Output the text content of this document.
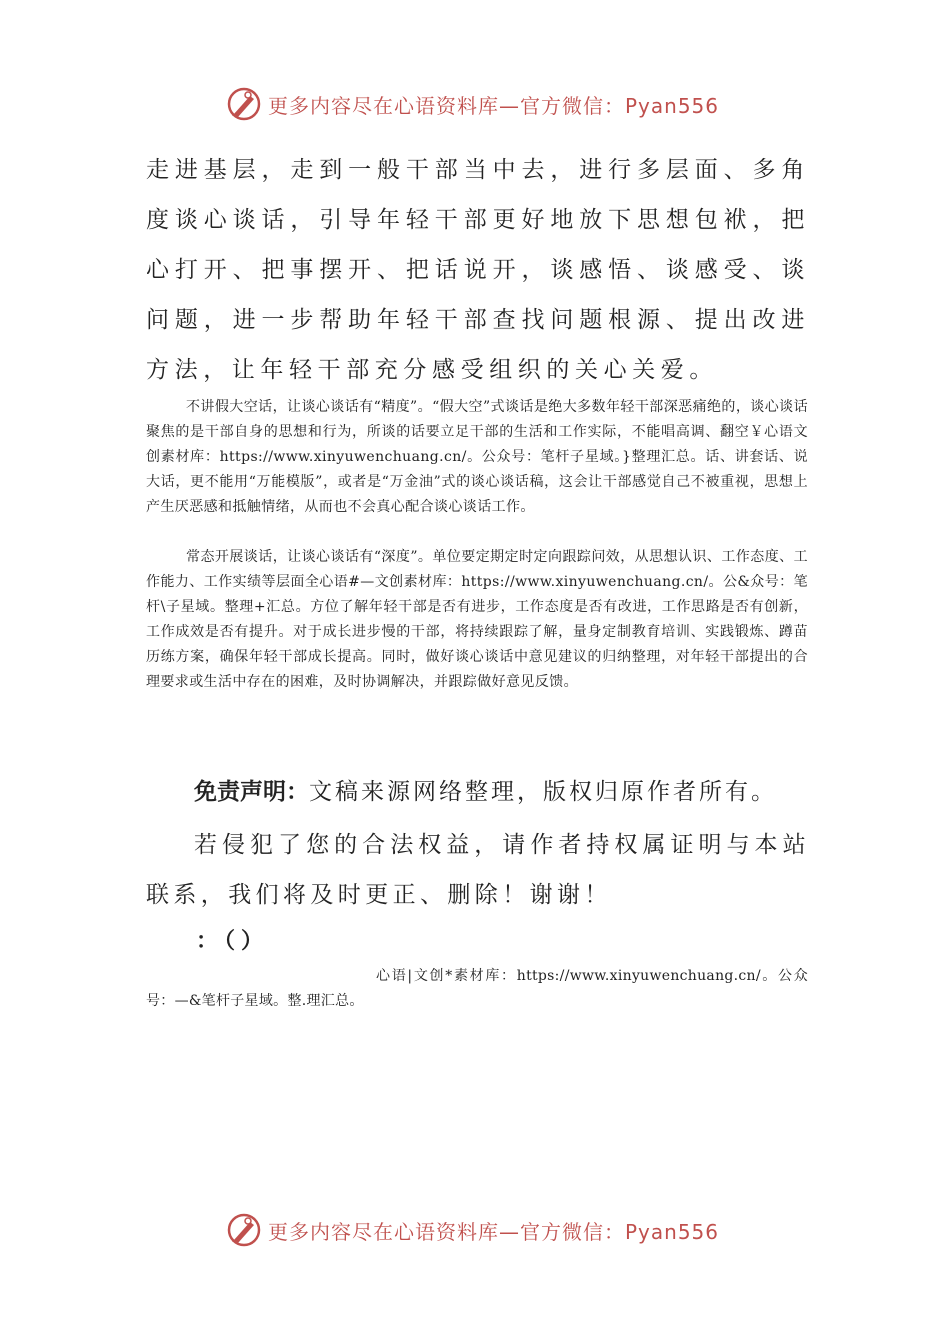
更多内容尽在心语资料库—官方微信：Pyan556

走进基层，走到一般干部当中去，进行多层面、多角度谈心谈话，引导年轻干部更好地放下思想包袱，把心打开、把事摆开、把话说开，谈感悟、谈感受、谈问题，进一步帮助年轻干部查找问题根源、提出改进方法，让年轻干部充分感受组织的关心关爱。

不讲假大空话，让谈心谈话有“精度”。“假大空”式谈话是绝大多数年轻干部深恶痛绝的，谈心谈话聚焦的是干部自身的思想和行为，所谈的话要立足干部的生活和工作实际，不能唱高调、翻空￥心语文创素材库：https://www.xinyuwenchuang.cn/。公众号：笔杆子星域。}整理汇总。话、讲套话、说大话，更不能用“万能模版”，或者是“万金油”式的谈心谈话稿，这会让干部感觉自己不被重视，思想上产生厌恶感和抵触情绪，从而也不会真心配合谈心谈话工作。

常态开展谈话，让谈心谈话有“深度”。单位要定期定时定向跟踪问效，从思想认识、工作态度、工作能力、工作实绩等层面全心语#—文创素材库：https://www.xinyuwenchuang.cn/。公&众号：笔杆\子星域。整理+汇总。方位了解年轻干部是否有进步，工作态度是否有改进，工作思路是否有创新，工作成效是否有提升。对于成长进步慢的干部，将持续跟踪了解，量身定制教育培训、实践锻炼、蹲苗历练方案，确保年轻干部成长提高。同时，做好谈心谈话中意见建议的归纳整理，对年轻干部提出的合理要求或生活中存在的困难，及时协调解决，并跟踪做好意见反馈。

免责声明：文稿来源网络整理，版权归原作者所有。

若侵犯了您的合法权益，请作者持权属证明与本站联系，我们将及时更正、删除！谢谢！

：（）

心语|文创*素材库：https://www.xinyuwenchuang.cn/。公众号：—&笔杆子星域。整.理汇总。

更多内容尽在心语资料库—官方微信：Pyan556
